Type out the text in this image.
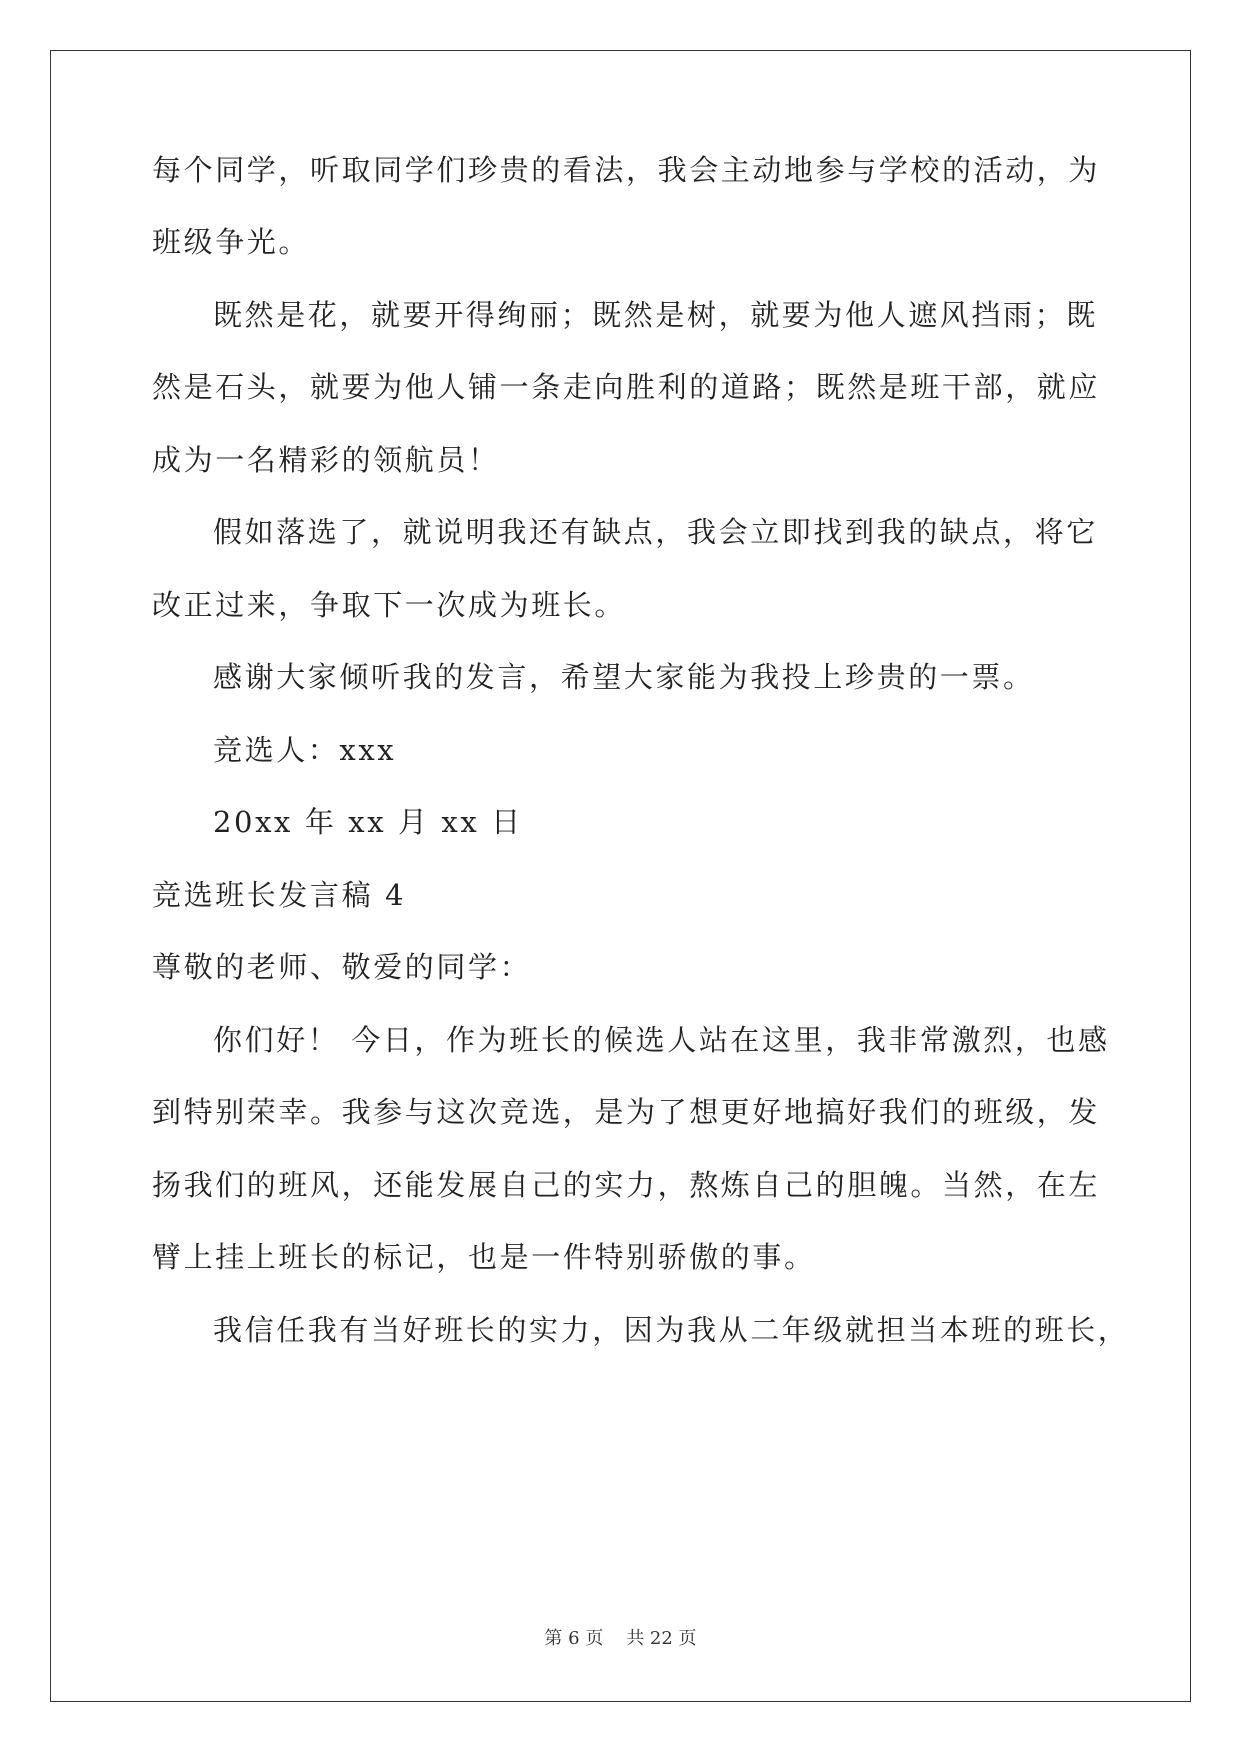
每个同学，听取同学们珍贵的看法，我会主动地参与学校的活动，为
班级争光。
既然是花，就要开得绚丽；既然是树，就要为他人遮风挡雨；既
然是石头，就要为他人铺一条走向胜利的道路；既然是班干部，就应
成为一名精彩的领航员！
假如落选了，就说明我还有缺点，我会立即找到我的缺点，将它
改正过来，争取下一次成为班长。
感谢大家倾听我的发言，希望大家能为我投上珍贵的一票。
竞选人：xxx
20xx 年 xx 月 xx 日
竞选班长发言稿 4
尊敬的老师、敬爱的同学：
你们好！ 今日，作为班长的候选人站在这里，我非常激烈，也感
到特别荣幸。我参与这次竞选，是为了想更好地搞好我们的班级，发
扬我们的班风，还能发展自己的实力，熬炼自己的胆魄。当然，在左
臂上挂上班长的标记，也是一件特别骄傲的事。
我信任我有当好班长的实力，因为我从二年级就担当本班的班长，
第 6 页    共 22 页
